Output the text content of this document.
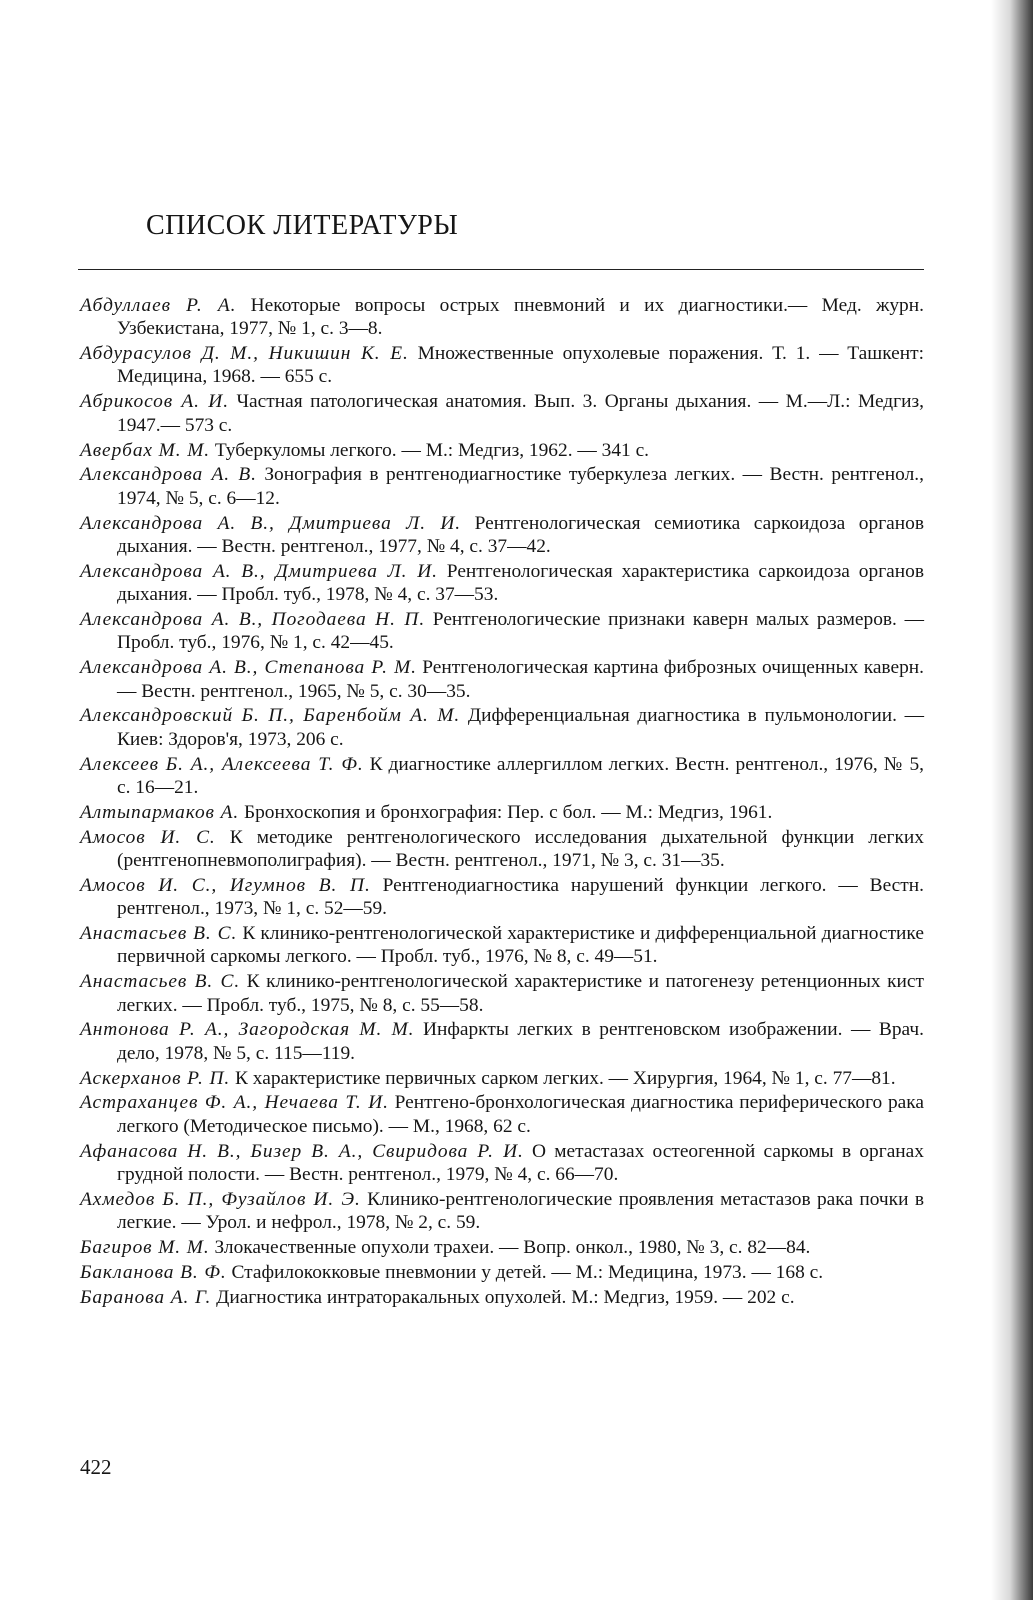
СПИСОК ЛИТЕРАТУРЫ
Абдуллаев Р. А. Некоторые вопросы острых пневмоний и их диагностики.— Мед. журн. Узбекистана, 1977, № 1, с. 3—8.
Абдурасулов Д. М., Никишин К. Е. Множественные опухолевые поражения. Т. 1. — Ташкент: Медицина, 1968. — 655 с.
Абрикосов А. И. Частная патологическая анатомия. Вып. 3. Органы дыхания. — М.—Л.: Медгиз, 1947.— 573 с.
Авербах М. М. Туберкуломы легкого. — М.: Медгиз, 1962. — 341 с.
Александрова А. В. Зонография в рентгенодиагностике туберкулеза легких. — Вестн. рентгенол., 1974, № 5, с. 6—12.
Александрова А. В., Дмитриева Л. И. Рентгенологическая семиотика саркоидоза органов дыхания. — Вестн. рентгенол., 1977, № 4, с. 37—42.
Александрова А. В., Дмитриева Л. И. Рентгенологическая характеристика саркоидоза органов дыхания. — Пробл. туб., 1978, № 4, с. 37—53.
Александрова А. В., Погодаева Н. П. Рентгенологические признаки каверн малых размеров. — Пробл. туб., 1976, № 1, с. 42—45.
Александрова А. В., Степанова Р. М. Рентгенологическая картина фиброзных очищенных каверн. — Вестн. рентгенол., 1965, № 5, с. 30—35.
Александровский Б. П., Баренбойм А. М. Дифференциальная диагностика в пульмонологии. — Киев: Здоров'я, 1973, 206 с.
Алексеев Б. А., Алексеева Т. Ф. К диагностике аллергиллом легких. Вестн. рентгенол., 1976, № 5, с. 16—21.
Алтыпармаков А. Бронхоскопия и бронхография: Пер. с бол. — М.: Медгиз, 1961.
Амосов И. С. К методике рентгенологического исследования дыхательной функции легких (рентгенопневмополиграфия). — Вестн. рентгенол., 1971, № 3, с. 31—35.
Амосов И. С., Игумнов В. П. Рентгенодиагностика нарушений функции легкого. — Вестн. рентгенол., 1973, № 1, с. 52—59.
Анастасьев В. С. К клинико-рентгенологической характеристике и дифференциальной диагностике первичной саркомы легкого. — Пробл. туб., 1976, № 8, с. 49—51.
Анастасьев В. С. К клинико-рентгенологической характеристике и патогенезу ретенционных кист легких. — Пробл. туб., 1975, № 8, с. 55—58.
Антонова Р. А., Загородская М. М. Инфаркты легких в рентгеновском изображении. — Врач. дело, 1978, № 5, с. 115—119.
Аскерханов Р. П. К характеристике первичных сарком легких. — Хирургия, 1964, № 1, с. 77—81.
Астраханцев Ф. А., Нечаева Т. И. Рентгено-бронхологическая диагностика периферического рака легкого (Методическое письмо). — М., 1968, 62 с.
Афанасова Н. В., Бизер В. А., Свиридова Р. И. О метастазах остеогенной саркомы в органах грудной полости. — Вестн. рентгенол., 1979, № 4, с. 66—70.
Ахмедов Б. П., Фузайлов И. Э. Клинико-рентгенологические проявления метастазов рака почки в легкие. — Урол. и нефрол., 1978, № 2, с. 59.
Багиров М. М. Злокачественные опухоли трахеи. — Вопр. онкол., 1980, № 3, с. 82—84.
Бакланова В. Ф. Стафилококковые пневмонии у детей. — М.: Медицина, 1973. — 168 с.
Баранова А. Г. Диагностика интраторакальных опухолей. М.: Медгиз, 1959. — 202 с.
422
